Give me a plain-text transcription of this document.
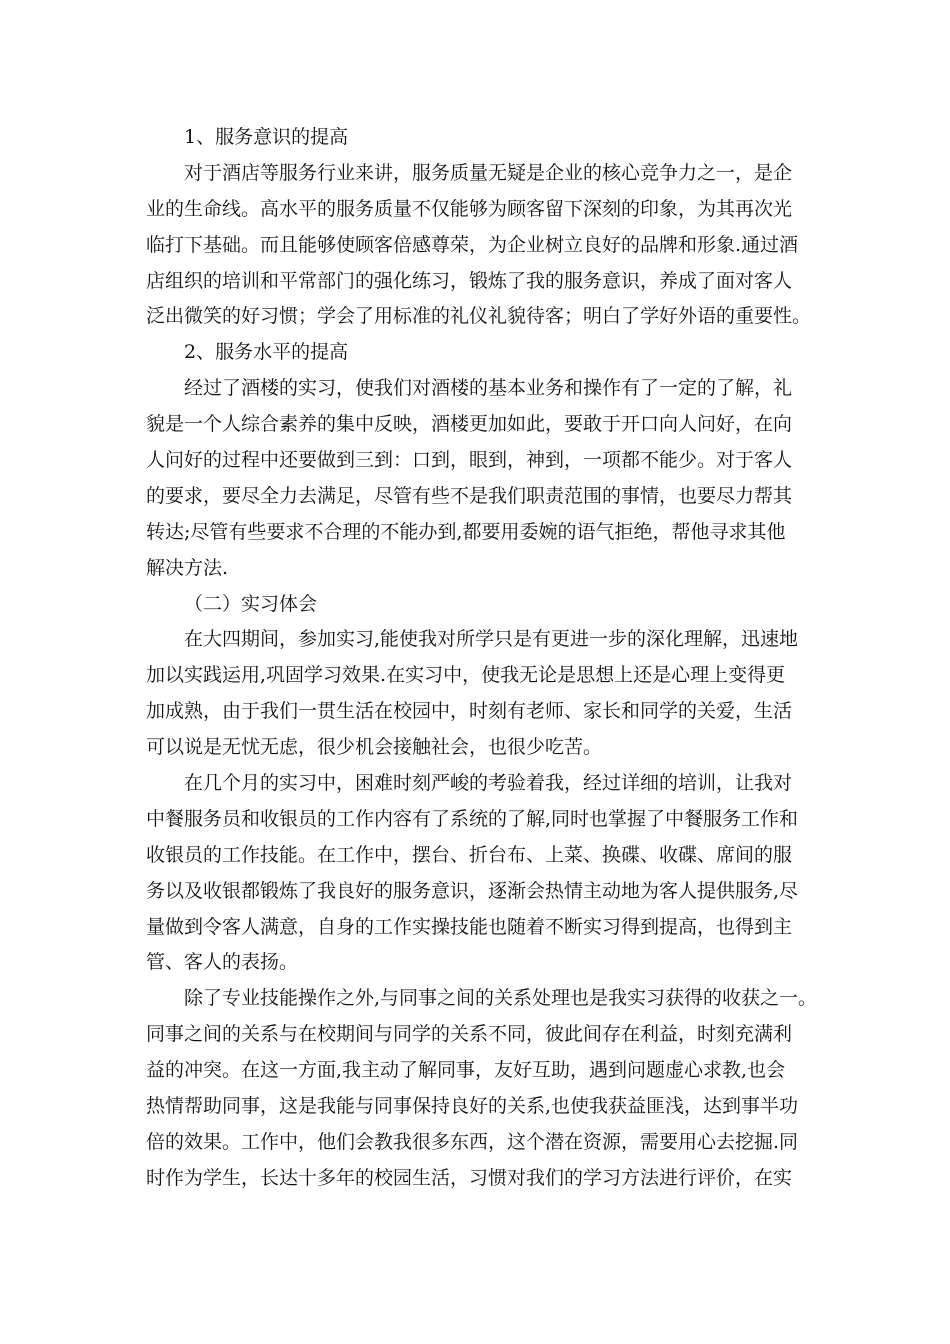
1、服务意识的提高
对于酒店等服务行业来讲，服务质量无疑是企业的核心竞争力之一，是企
业的生命线。高水平的服务质量不仅能够为顾客留下深刻的印象，为其再次光
临打下基础。而且能够使顾客倍感尊荣，为企业树立良好的品牌和形象.通过酒
店组织的培训和平常部门的强化练习，锻炼了我的服务意识，养成了面对客人
泛出微笑的好习惯；学会了用标准的礼仪礼貌待客；明白了学好外语的重要性。
2、服务水平的提高
经过了酒楼的实习，使我们对酒楼的基本业务和操作有了一定的了解，礼
貌是一个人综合素养的集中反映，酒楼更加如此，要敢于开口向人问好，在向
人问好的过程中还要做到三到：口到，眼到，神到，一项都不能少。对于客人
的要求，要尽全力去满足，尽管有些不是我们职责范围的事情，也要尽力帮其
转达;尽管有些要求不合理的不能办到,都要用委婉的语气拒绝，帮他寻求其他
解决方法.
（二）实习体会
在大四期间，参加实习,能使我对所学只是有更进一步的深化理解，迅速地
加以实践运用,巩固学习效果.在实习中，使我无论是思想上还是心理上变得更
加成熟，由于我们一贯生活在校园中，时刻有老师、家长和同学的关爱，生活
可以说是无忧无虑，很少机会接触社会，也很少吃苦。
在几个月的实习中，困难时刻严峻的考验着我，经过详细的培训，让我对
中餐服务员和收银员的工作内容有了系统的了解,同时也掌握了中餐服务工作和
收银员的工作技能。在工作中，摆台、折台布、上菜、换碟、收碟、席间的服
务以及收银都锻炼了我良好的服务意识，逐渐会热情主动地为客人提供服务,尽
量做到令客人满意，自身的工作实操技能也随着不断实习得到提高，也得到主
管、客人的表扬。
除了专业技能操作之外,与同事之间的关系处理也是我实习获得的收获之一。
同事之间的关系与在校期间与同学的关系不同，彼此间存在利益，时刻充满利
益的冲突。在这一方面,我主动了解同事，友好互助，遇到问题虚心求教,也会
热情帮助同事，这是我能与同事保持良好的关系,也使我获益匪浅，达到事半功
倍的效果。工作中，他们会教我很多东西，这个潜在资源，需要用心去挖掘.同
时作为学生，长达十多年的校园生活，习惯对我们的学习方法进行评价，在实
